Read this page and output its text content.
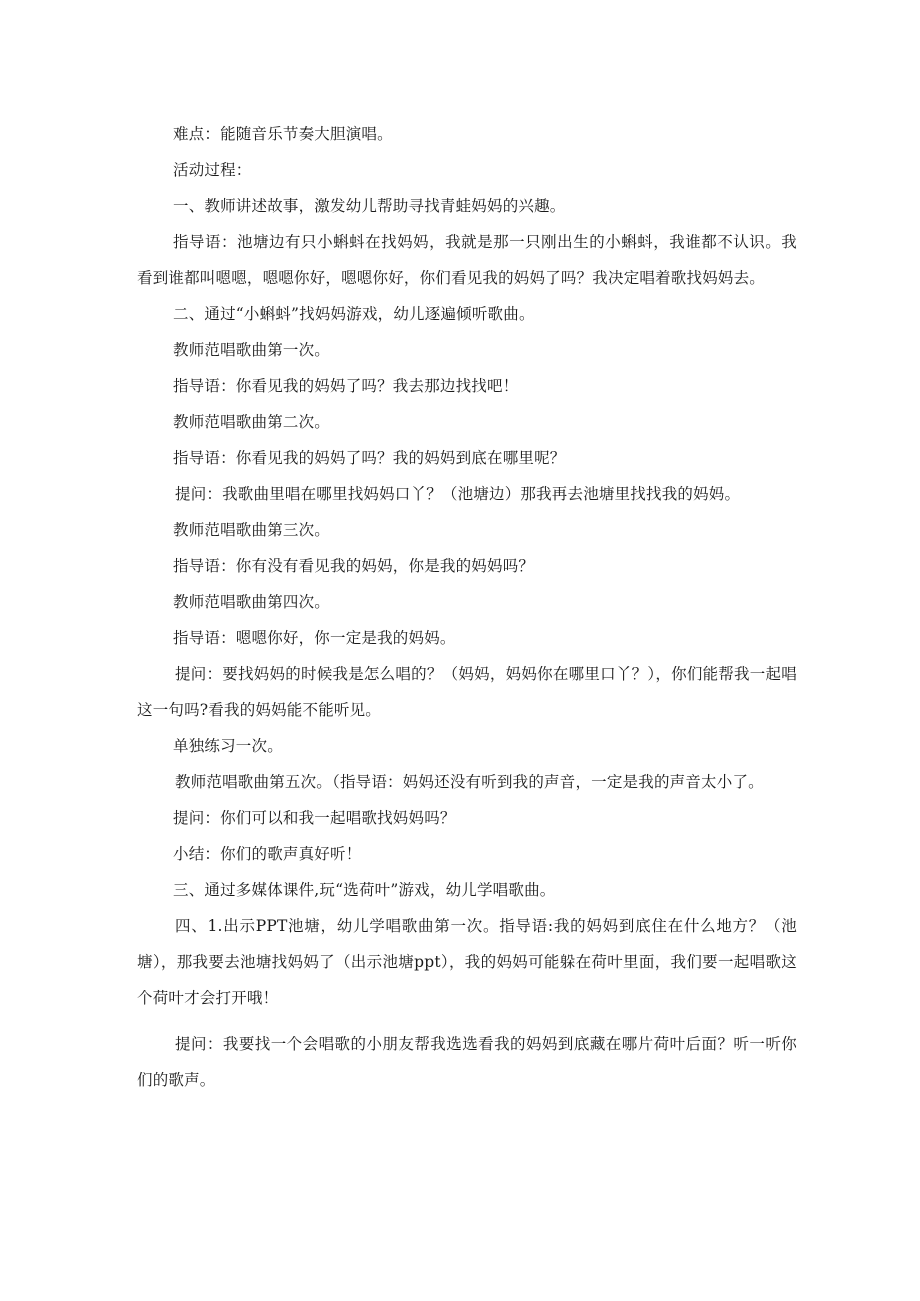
难点：能随音乐节奏大胆演唱。

活动过程：

一、教师讲述故事，激发幼儿帮助寻找青蛙妈妈的兴趣。

指导语：池塘边有只小蝌蚪在找妈妈，我就是那一只刚出生的小蝌蚪，我谁都不认识。我看到谁都叫嗯嗯，嗯嗯你好，嗯嗯你好，你们看见我的妈妈了吗？我决定唱着歌找妈妈去。

二、通过“小蝌蚪”找妈妈游戏，幼儿逐遍倾听歌曲。

教师范唱歌曲第一次。

指导语：你看见我的妈妈了吗？我去那边找找吧！

教师范唱歌曲第二次。

指导语：你看见我的妈妈了吗？我的妈妈到底在哪里呢？

提问：我歌曲里唱在哪里找妈妈口丫？（池塘边）那我再去池塘里找找我的妈妈。

教师范唱歌曲第三次。

指导语：你有没有看见我的妈妈，你是我的妈妈吗？

教师范唱歌曲第四次。

指导语：嗯嗯你好，你一定是我的妈妈。

提问：要找妈妈的时候我是怎么唱的？（妈妈，妈妈你在哪里口丫？），你们能帮我一起唱这一句吗?看我的妈妈能不能听见。

单独练习一次。

教师范唱歌曲第五次。（指导语：妈妈还没有听到我的声音，一定是我的声音太小了。

提问：你们可以和我一起唱歌找妈妈吗？

小结：你们的歌声真好听！

三、通过多媒体课件,玩“选荷叶”游戏，幼儿学唱歌曲。

四、1.出示PPT池塘，幼儿学唱歌曲第一次。指导语:我的妈妈到底住在什么地方？（池塘），那我要去池塘找妈妈了（出示池塘ppt），我的妈妈可能躲在荷叶里面，我们要一起唱歌这个荷叶才会打开哦！

提问：我要找一个会唱歌的小朋友帮我选选看我的妈妈到底藏在哪片荷叶后面？听一听你们的歌声。
